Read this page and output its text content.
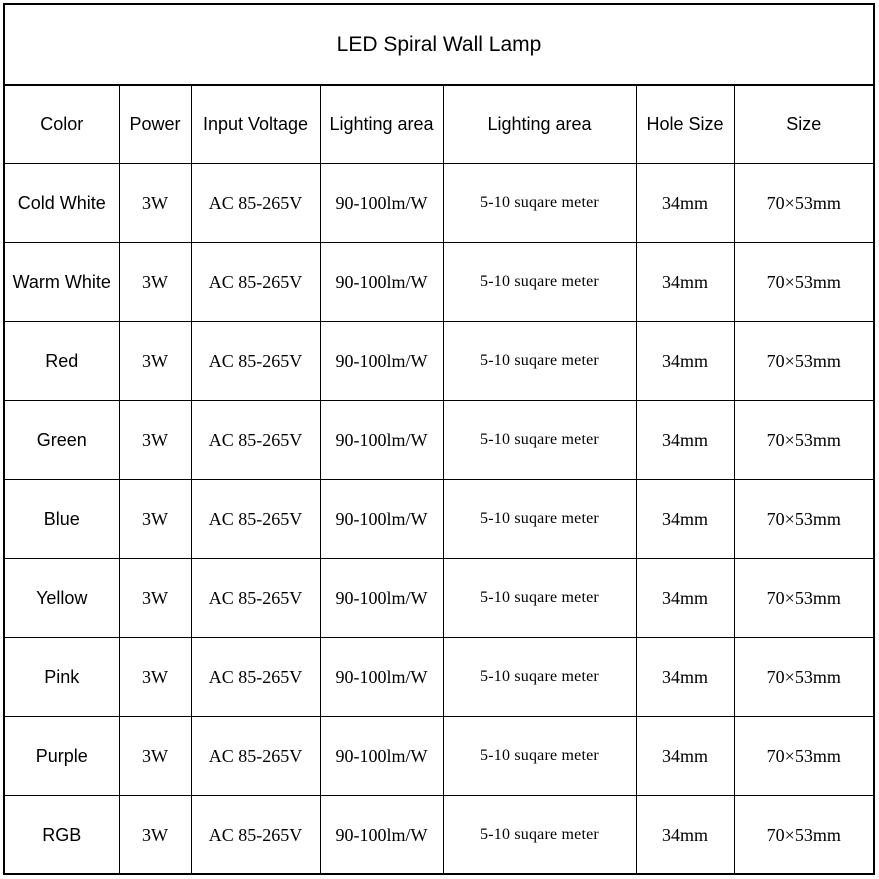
LED Spiral Wall Lamp
Color	Power	Input Voltage	Lighting area	Lighting area	Hole Size	Size
Cold White	3W	AC 85-265V	90-100lm/W	5-10 suqare meter	34mm	70×53mm
Warm White	3W	AC 85-265V	90-100lm/W	5-10 suqare meter	34mm	70×53mm
Red	3W	AC 85-265V	90-100lm/W	5-10 suqare meter	34mm	70×53mm
Green	3W	AC 85-265V	90-100lm/W	5-10 suqare meter	34mm	70×53mm
Blue	3W	AC 85-265V	90-100lm/W	5-10 suqare meter	34mm	70×53mm
Yellow	3W	AC 85-265V	90-100lm/W	5-10 suqare meter	34mm	70×53mm
Pink	3W	AC 85-265V	90-100lm/W	5-10 suqare meter	34mm	70×53mm
Purple	3W	AC 85-265V	90-100lm/W	5-10 suqare meter	34mm	70×53mm
RGB	3W	AC 85-265V	90-100lm/W	5-10 suqare meter	34mm	70×53mm
